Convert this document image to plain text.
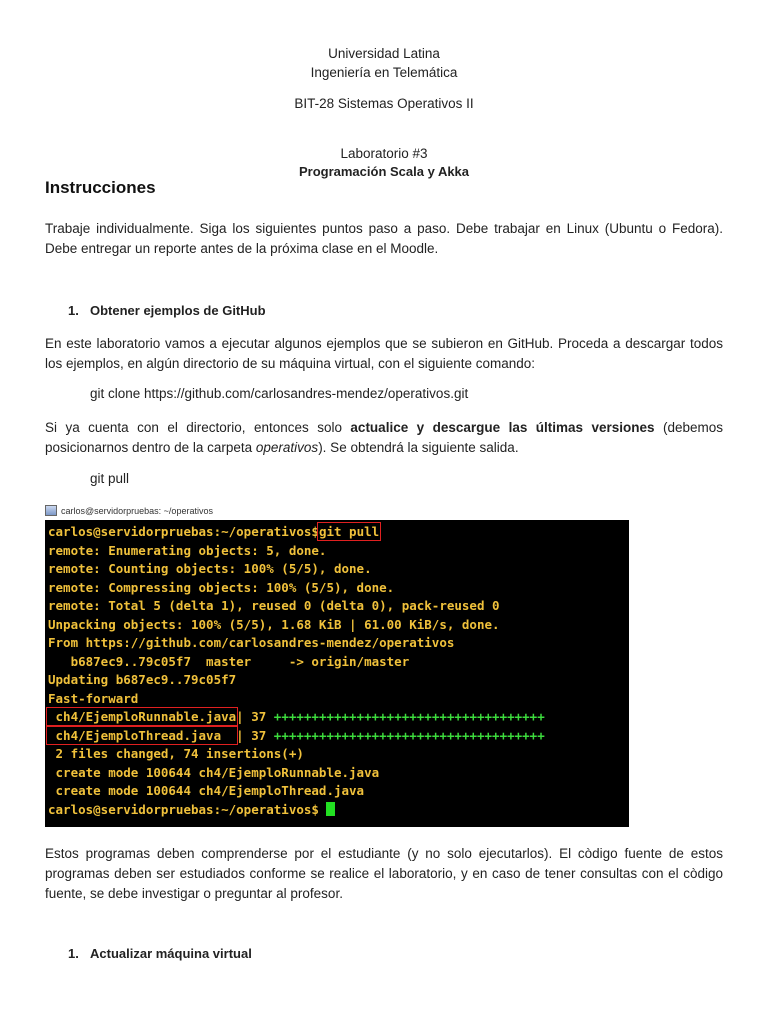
Universidad Latina
Ingeniería en Telemática
BIT-28 Sistemas Operativos II
Laboratorio #3
Programación Scala y Akka
Instrucciones

Trabaje individualmente. Siga los siguientes puntos paso a paso. Debe trabajar en Linux (Ubuntu o Fedora). Debe entregar un reporte antes de la próxima clase en el Moodle.

1. Obtener ejemplos de GitHub

En este laboratorio vamos a ejecutar algunos ejemplos que se subieron en GitHub. Proceda a descargar todos los ejemplos, en algún directorio de su máquina virtual, con el siguiente comando:

git clone https://github.com/carlosandres-mendez/operativos.git

Si ya cuenta con el directorio, entonces solo actualice y descargue las últimas versiones (debemos posicionarnos dentro de la carpeta operativos). Se obtendrá la siguiente salida.

git pull
carlos@servidorpruebas: ~/operativos
carlos@servidorpruebas:~/operativos$git pull
remote: Enumerating objects: 5, done.
remote: Counting objects: 100% (5/5), done.
remote: Compressing objects: 100% (5/5), done.
remote: Total 5 (delta 1), reused 0 (delta 0), pack-reused 0
Unpacking objects: 100% (5/5), 1.68 KiB | 61.00 KiB/s, done.
From https://github.com/carlosandres-mendez/operativos
b687ec9..79c05f7  master     -> origin/master
Updating b687ec9..79c05f7
Fast-forward
ch4/EjemploRunnable.java| 37 ++++++++++++++++++++++++++++++++++++
ch4/EjemploThread.java  | 37 ++++++++++++++++++++++++++++++++++++
2 files changed, 74 insertions(+)
create mode 100644 ch4/EjemploRunnable.java
create mode 100644 ch4/EjemploThread.java
carlos@servidorpruebas:~/operativos$

Estos programas deben comprenderse por el estudiante (y no solo ejecutarlos). El còdigo fuente de estos programas deben ser estudiados conforme se realice el laboratorio, y en caso de tener consultas con el còdigo fuente, se debe investigar o preguntar al profesor.

1. Actualizar máquina virtual
